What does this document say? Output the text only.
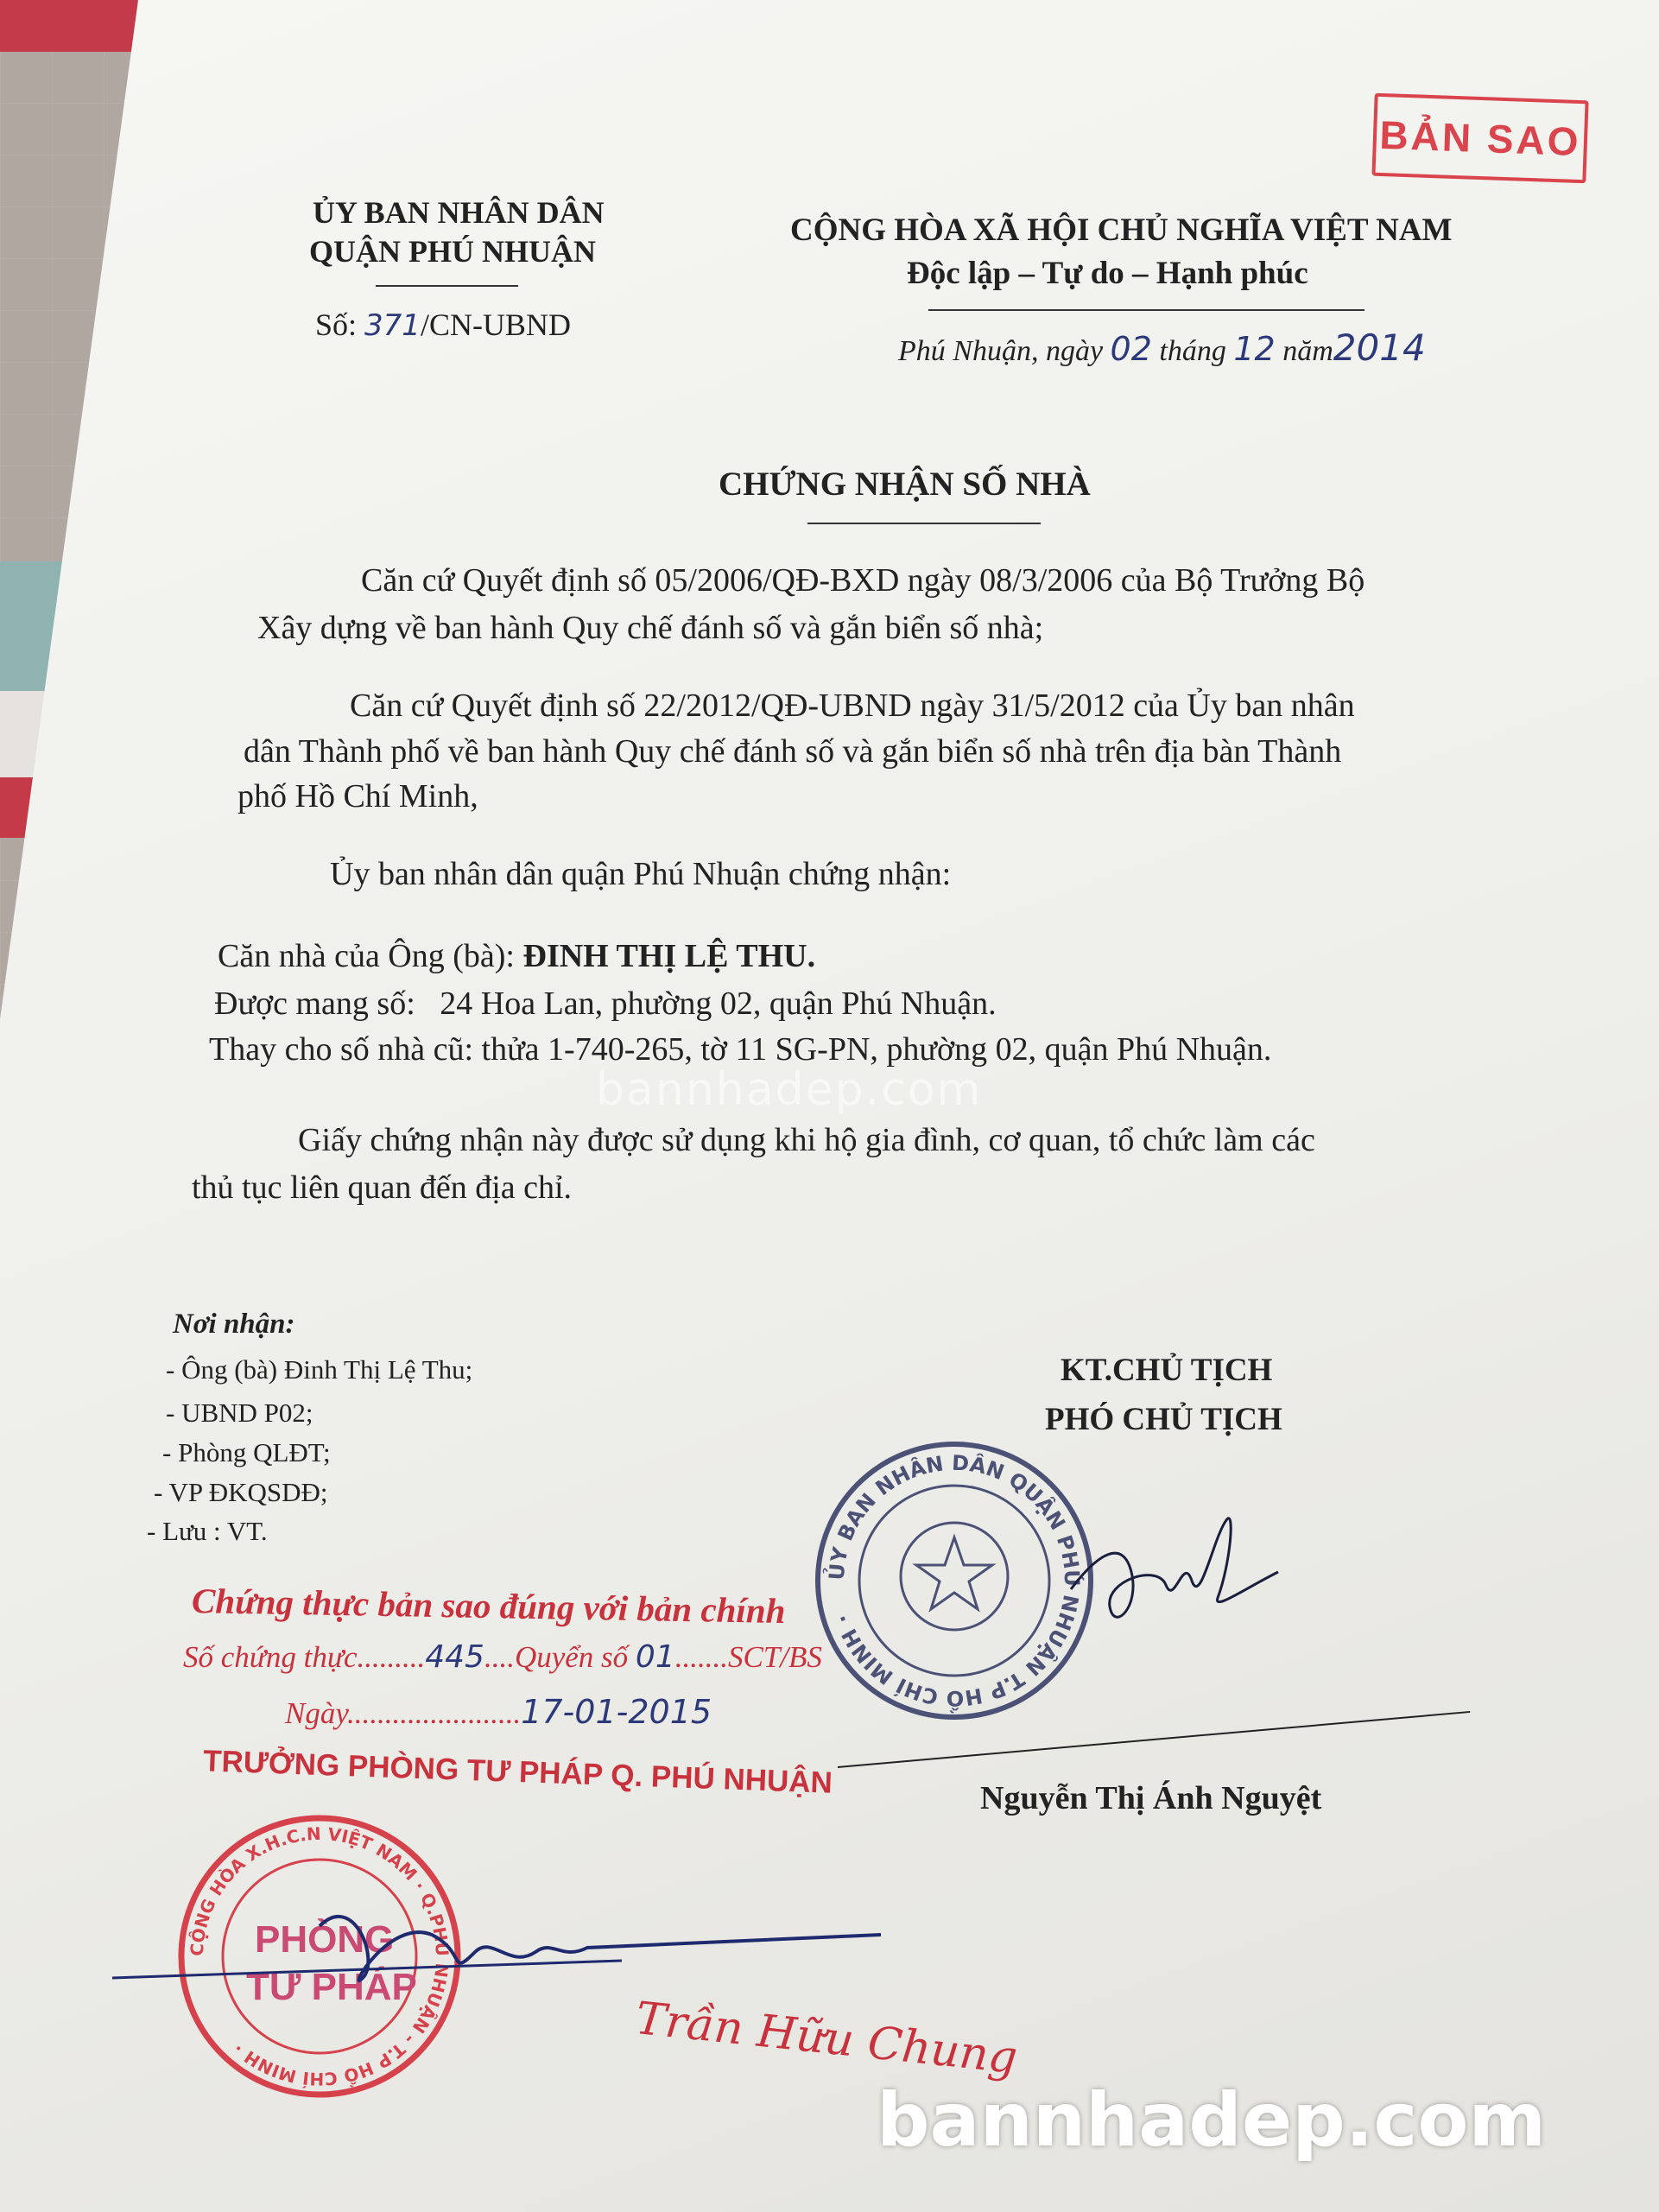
BẢN SAO
ỦY BAN NHÂN DÂN
QUẬN PHÚ NHUẬN
Số: 371/CN-UBND
CỘNG HÒA XÃ HỘI CHỦ NGHĨA VIỆT NAM
Độc lập – Tự do – Hạnh phúc
Phú Nhuận, ngày 02 tháng 12 năm2014
CHỨNG NHẬN SỐ NHÀ
Căn cứ Quyết định số 05/2006/QĐ-BXD ngày 08/3/2006 của Bộ Trưởng Bộ
Xây dựng về ban hành Quy chế đánh số và gắn biển số nhà;
Căn cứ Quyết định số 22/2012/QĐ-UBND ngày 31/5/2012 của Ủy ban nhân
dân Thành phố về ban hành Quy chế đánh số và gắn biển số nhà trên địa bàn Thành
phố Hồ Chí Minh,
Ủy ban nhân dân quận Phú Nhuận chứng nhận:
Căn nhà của Ông (bà): ĐINH THỊ LỆ THU.
Được mang số: 24 Hoa Lan, phường 02, quận Phú Nhuận.
Thay cho số nhà cũ: thửa 1-740-265, tờ 11 SG-PN, phường 02, quận Phú Nhuận.
Giấy chứng nhận này được sử dụng khi hộ gia đình, cơ quan, tổ chức làm các
thủ tục liên quan đến địa chỉ.
Nơi nhận:
- Ông (bà) Đinh Thị Lệ Thu;
- UBND P02;
- Phòng QLĐT;
- VP ĐKQSDĐ;
- Lưu : VT.
KT.CHỦ TỊCH
PHÓ CHỦ TỊCH
ỦY BAN NHÂN DÂN QUẬN PHÚ NHUẬN T.P HỒ CHÍ MINH ·
Nguyễn Thị Ánh Nguyệt
Chứng thực bản sao đúng với bản chính
Số chứng thực.........445....Quyển số 01.......SCT/BS
Ngày.......................17-01-2015
TRƯỞNG PHÒNG TƯ PHÁP Q. PHÚ NHUẬN
CỘNG HÒA X.H.C.N VIỆT NAM · Q.PHÚ NHUẬN - T.P HỒ CHÍ MINH ·
PHÒNG
TƯ PHÁP
Trần Hữu Chung
bannhadep.com
bannhadep.com
